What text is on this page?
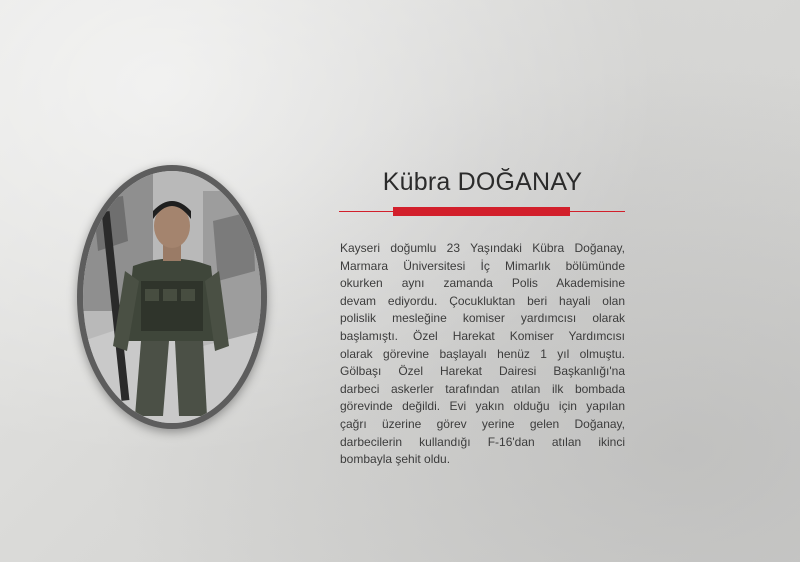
Kübra DOĞANAY
Kayseri doğumlu 23 Yaşındaki Kübra Doğanay,
Marmara Üniversitesi İç Mimarlık bölümünde
okurken aynı zamanda Polis Akademisine
devam ediyordu. Çocukluktan beri hayali olan
polislik mesleğine komiser yardımcısı olarak
başlamıştı. Özel Harekat Komiser Yardımcısı
olarak görevine başlayalı henüz 1 yıl olmuştu.
Gölbaşı Özel Harekat Dairesi Başkanlığı'na
darbeci askerler tarafından atılan ilk bombada
görevinde değildi. Evi yakın olduğu için yapılan
çağrı üzerine görev yerine gelen Doğanay,
darbecilerin kullandığı F-16'dan atılan ikinci
bombayla şehit oldu.
